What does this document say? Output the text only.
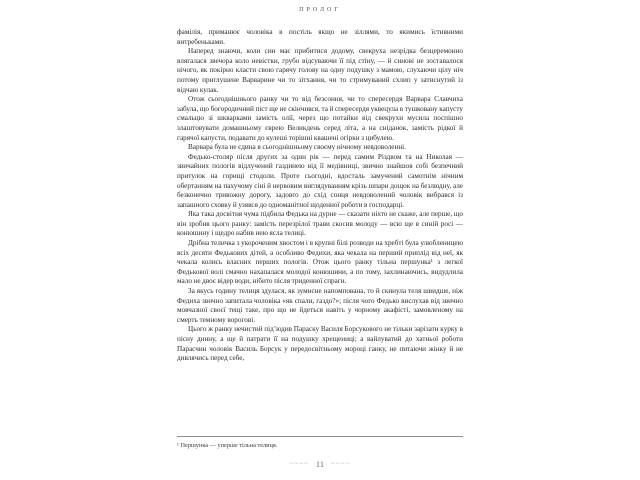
ПРОЛОГ

фамілія, приманює чоловіка в постіль якщо не зіллями, то якимись їстивними витребеньками.

Наперед знаючи, коли син має прибитися додому, свекруха незрідка безцеремонно влягалася звечора коло невістки, грубо відсуваючи її під стіну, — й синові не зоставалося нічого, як покірно класти свою гарячу голову на одну подушку з мамою, слухаючи цілу ніч потому приглушене Варварине чи то зітхання, чи то стримуваний схлип у затиснутий із відчаю кулак.

Отож сьогоднішнього ранку чи то від безсоння, чи то спересердя Варвара Славчиха забула, що богородичний піст ще не скінчився, та й спересердя уквецула в тушковану капусту смальцю зі шкварками замість олії, через що потайки від свекрухи мусила поспішно злаштовувати домашньому єврею Великдень серед літа, а на сніданок, замість рідкої й гарячої капусти, подавати до кулеші торішні квашені огірки з цибулею.

Варвара була не єдина в сьогоднішньому своєму нічному невдоволенні.

Федько-столяр після других за один рік — перед самим Різдвом та на Николая — звичайних пологів відлучений газдинею від її медівниці, звично знайшов собі безпечний притулок на горищі стодоли. Проте сьогодні, вдосталь замучений самотнім нічним обертанням на пахучому сіні й нервовим виглядуванням крізь шпари дощок на безлюдну, але безконечно тривожну дорогу, задовго до схід сонця невдоволений чоловік вибрався із запашного сховку й узявся до одноманітної щоденної роботи в господарці.

Яка така досвітня чума підбила Федька на дурне — сказати ніхто не скаже, але перше, що він зробив цього ранку: замість перезрілої трави скосив молоду — всю ще в синій росі — конюшину і щедро набив нею ясла телиці.

Дрібна теличка з укороченим хвостом і в крупні білі розводи на хребті була улюбленицею всіх десяти Федькових дітей, а особливо Федихи, яка чекала на перший приплід від неї, як чекала колись власних перших пологів. Отож цього ранку тільна першунка¹ з легкої Федькової волі смачно нахапалася молодої конюшини, а по тому, захлинаючись, видудлила мало не двоє відер води, нібито після триденної спраги.

За якусь годину телиця здулася, як зумисне напомпована, то й скинула теля швидше, ніж Федиха звично запитала чоловіка «як спали, газдо?»; після чого Федько вислухав від звично мовчазної своєї тещі таке, про що не йдеться навіть у чорному акафісті, замовленому на смерть темному ворогові.

Цього ж ранку нечистий під’юдив Параску Василя Борсукового не тільки зарізати курку в пісну днину, а ще й патрати її на подушку хрещениці; а вайлуватий до хатньої роботи Парасчин чоловік Василь Борсук у передосвітньому мороці ганку, не питаючи жінку й не дивлячись перед себе,

¹ Першунка — уперше тільна телиця.

~~~~ 11 ~~~~
